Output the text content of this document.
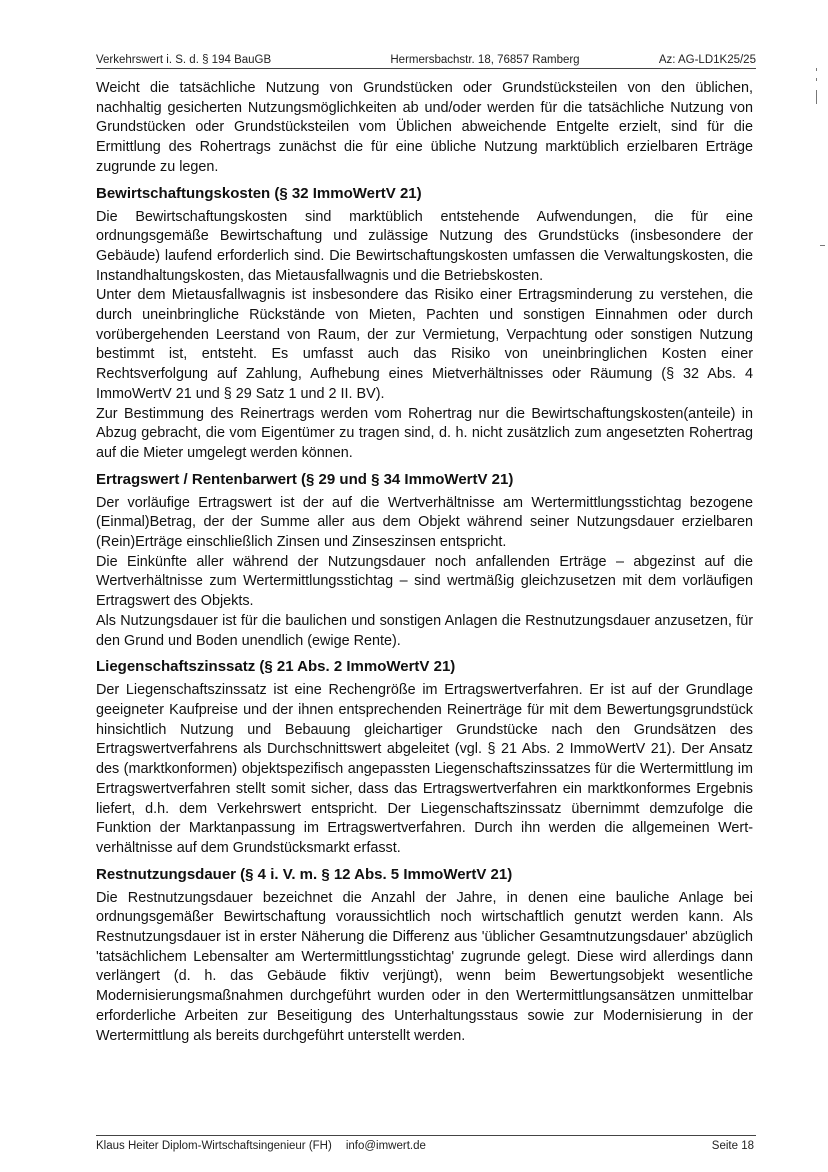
Verkehrswert i. S. d. § 194 BauGB	Hermersbachstr. 18, 76857 Ramberg	Az: AG-LD1K25/25

Weicht die tatsächliche Nutzung von Grundstücken oder Grundstücksteilen von den üblichen, nachhaltig gesicherten Nutzungsmöglichkeiten ab und/oder werden für die tatsächliche Nutzung von Grundstücken oder Grundstücksteilen vom Üblichen abweichende Entgelte erzielt, sind für die Ermittlung des Rohertrags zunächst die für eine übliche Nutzung marktüblich erzielbaren Erträge zugrunde zu legen.

Bewirtschaftungskosten (§ 32 ImmoWertV 21)

Die Bewirtschaftungskosten sind marktüblich entstehende Aufwendungen, die für eine ordnungsgemäße Bewirtschaftung und zulässige Nutzung des Grundstücks (insbesondere der Gebäude) laufend erforderlich sind. Die Bewirtschaftungskosten umfassen die Verwaltungskosten, die Instandhaltungskosten, das Mietausfallwagnis und die Betriebskosten.

Unter dem Mietausfallwagnis ist insbesondere das Risiko einer Ertragsminderung zu verstehen, die durch uneinbringliche Rückstände von Mieten, Pachten und sonstigen Einnahmen oder durch vorübergehenden Leerstand von Raum, der zur Vermietung, Verpachtung oder sonstigen Nutzung bestimmt ist, entsteht. Es umfasst auch das Risiko von uneinbringlichen Kosten einer Rechtsverfolgung auf Zahlung, Aufhebung eines Mietverhältnisses oder Räumung (§ 32 Abs. 4 ImmoWertV 21 und § 29 Satz 1 und 2 II. BV).

Zur Bestimmung des Reinertrags werden vom Rohertrag nur die Bewirtschaftungskosten(anteile) in Abzug gebracht, die vom Eigentümer zu tragen sind, d. h. nicht zusätzlich zum angesetzten Rohertrag auf die Mieter umgelegt werden können.

Ertragswert / Rentenbarwert (§ 29 und § 34 ImmoWertV 21)

Der vorläufige Ertragswert ist der auf die Wertverhältnisse am Wertermittlungsstichtag bezogene (Einmal)Betrag, der der Summe aller aus dem Objekt während seiner Nutzungsdauer erzielbaren (Rein)Erträge einschließlich Zinsen und Zinseszinsen entspricht.

Die Einkünfte aller während der Nutzungsdauer noch anfallenden Erträge – abgezinst auf die Wertverhältnisse zum Wertermittlungsstichtag – sind wertmäßig gleichzusetzen mit dem vorläufigen Ertragswert des Objekts.

Als Nutzungsdauer ist für die baulichen und sonstigen Anlagen die Restnutzungsdauer anzusetzen, für den Grund und Boden unendlich (ewige Rente).

Liegenschaftszinssatz (§ 21 Abs. 2 ImmoWertV 21)

Der Liegenschaftszinssatz ist eine Rechengröße im Ertragswertverfahren. Er ist auf der Grundlage geeigneter Kaufpreise und der ihnen entsprechenden Reinerträge für mit dem Bewertungsgrundstück hinsichtlich Nutzung und Bebauung gleichartiger Grundstücke nach den Grundsätzen des Ertragswertverfahrens als Durchschnittswert abgeleitet (vgl. § 21 Abs. 2 ImmoWertV 21). Der Ansatz des (marktkonformen) objektspezifisch angepassten Liegenschaftszinssatzes für die Wertermittlung im Ertragswertverfahren stellt somit sicher, dass das Ertragswertverfahren ein marktkonformes Ergebnis liefert, d.h. dem Verkehrswert entspricht. Der Liegenschaftszinssatz übernimmt demzufolge die Funktion der Marktanpassung im Ertragswertverfahren. Durch ihn werden die allgemeinen Wertverhältnisse auf dem Grundstücksmarkt erfasst.

Restnutzungsdauer (§ 4 i. V. m. § 12 Abs. 5 ImmoWertV 21)

Die Restnutzungsdauer bezeichnet die Anzahl der Jahre, in denen eine bauliche Anlage bei ordnungsgemäßer Bewirtschaftung voraussichtlich noch wirtschaftlich genutzt werden kann. Als Restnutzungsdauer ist in erster Näherung die Differenz aus 'üblicher Gesamtnutzungsdauer' abzüglich 'tatsächlichem Lebensalter am Wertermittlungsstichtag' zugrunde gelegt. Diese wird allerdings dann verlängert (d. h. das Gebäude fiktiv verjüngt), wenn beim Bewertungsobjekt wesentliche Modernisierungsmaßnahmen durchgeführt wurden oder in den Wertermittlungsansätzen unmittelbar erforderliche Arbeiten zur Beseitigung des Unterhaltungsstaus sowie zur Modernisierung in der Wertermittlung als bereits durchgeführt unterstellt werden.

Klaus Heiter Diplom-Wirtschaftsingenieur (FH) info@imwert.de	Seite 18
